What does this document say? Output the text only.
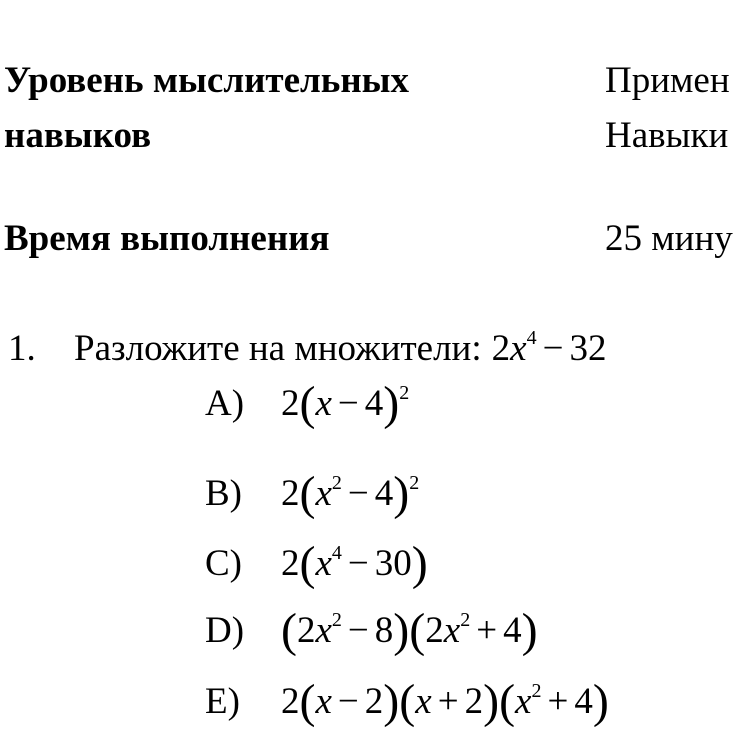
Уровень мыслительных
навыков
Примен
Навыки
Время выполнения	25 мину
1. Разложите на множители: $2x^4 - 32$
A) $2(x - 4)^2$
B) $2(x^2 - 4)^2$
C) $2(x^4 - 30)$
D) $(2x^2 - 8)(2x^2 + 4)$
E) $2(x - 2)(x + 2)(x^2 + 4)$
